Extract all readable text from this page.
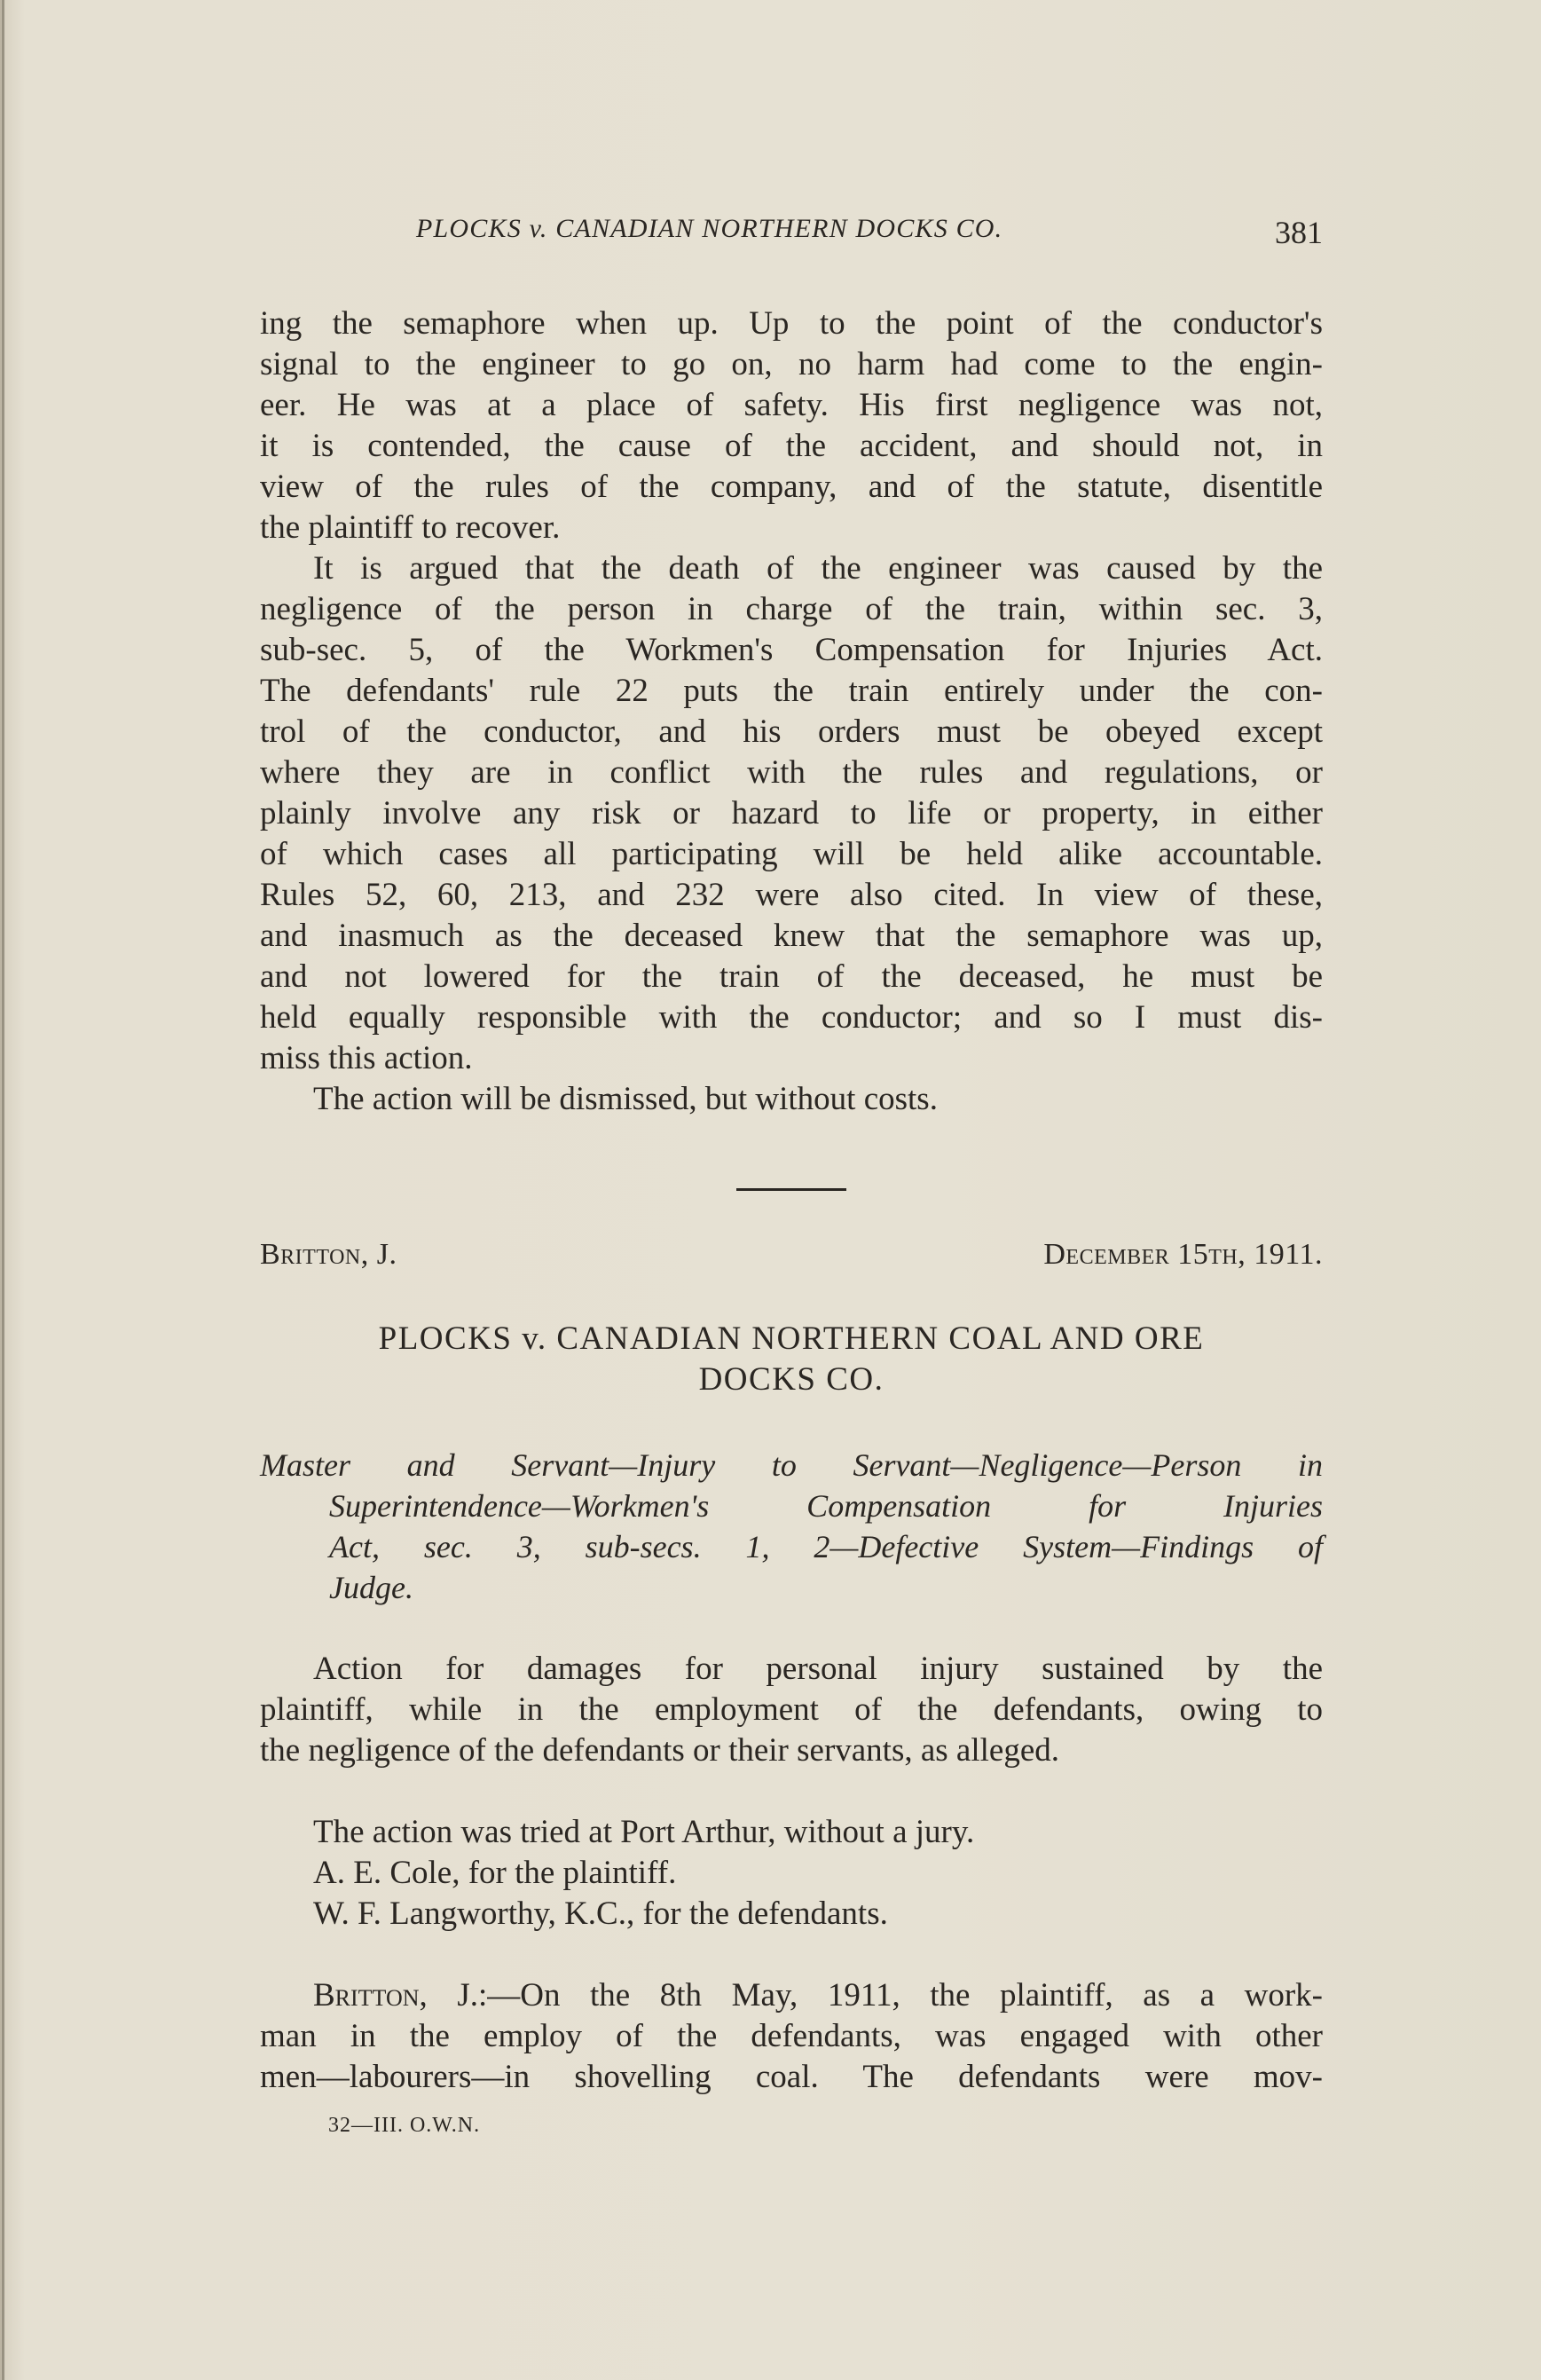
PLOCKS v. CANADIAN NORTHERN DOCKS CO.	381
ing the semaphore when up. Up to the point of the conductor's
signal to the engineer to go on, no harm had come to the engin-
eer. He was at a place of safety. His first negligence was not,
it is contended, the cause of the accident, and should not, in
view of the rules of the company, and of the statute, disentitle
the plaintiff to recover.
It is argued that the death of the engineer was caused by the
negligence of the person in charge of the train, within sec. 3,
sub-sec. 5, of the Workmen's Compensation for Injuries Act.
The defendants' rule 22 puts the train entirely under the con-
trol of the conductor, and his orders must be obeyed except
where they are in conflict with the rules and regulations, or
plainly involve any risk or hazard to life or property, in either
of which cases all participating will be held alike accountable.
Rules 52, 60, 213, and 232 were also cited. In view of these,
and inasmuch as the deceased knew that the semaphore was up,
and not lowered for the train of the deceased, he must be
held equally responsible with the conductor; and so I must dis-
miss this action.
The action will be dismissed, but without costs.
Britton, J.	December 15th, 1911.
PLOCKS v. CANADIAN NORTHERN COAL AND ORE
DOCKS CO.
Master and Servant—Injury to Servant—Negligence—Person in
Superintendence—Workmen's Compensation for Injuries
Act, sec. 3, sub-secs. 1, 2—Defective System—Findings of
Judge.
Action for damages for personal injury sustained by the
plaintiff, while in the employment of the defendants, owing to
the negligence of the defendants or their servants, as alleged.
The action was tried at Port Arthur, without a jury.
A. E. Cole, for the plaintiff.
W. F. Langworthy, K.C., for the defendants.
Britton, J.:—On the 8th May, 1911, the plaintiff, as a work-
man in the employ of the defendants, was engaged with other
men—labourers—in shovelling coal. The defendants were mov-
32—III. O.W.N.
